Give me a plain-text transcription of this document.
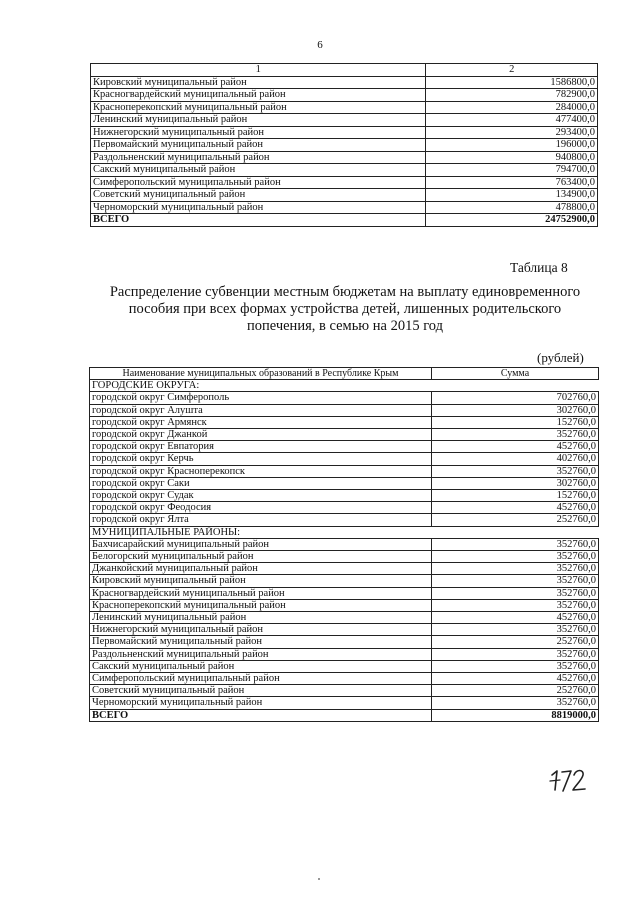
6
1	2
Кировский муниципальный район	1586800,0
Красногвардейский муниципальный район	782900,0
Красноперекопский муниципальный район	284000,0
Ленинский муниципальный район	477400,0
Нижнегорский муниципальный район	293400,0
Первомайский муниципальный район	196000,0
Раздольненский муниципальный район	940800,0
Сакский муниципальный район	794700,0
Симферопольский муниципальный район	763400,0
Советский муниципальный район	134900,0
Черноморский муниципальный район	478800,0
ВСЕГО	24752900,0
Таблица 8
Распределение субвенции местным бюджетам на выплату единовременного
пособия при всех формах устройства детей, лишенных родительского
попечения, в семью на 2015 год
(рублей)
Наименование муниципальных образований в Республике Крым	Сумма
ГОРОДСКИЕ ОКРУГА:	
городской округ Симферополь	702760,0
городской округ Алушта	302760,0
городской округ Армянск	152760,0
городской округ Джанкой	352760,0
городской округ Евпатория	452760,0
городской округ Керчь	402760,0
городской округ Красноперекопск	352760,0
городской округ Саки	302760,0
городской округ Судак	152760,0
городской округ Феодосия	452760,0
городской округ Ялта	252760,0
МУНИЦИПАЛЬНЫЕ РАЙОНЫ:	
Бахчисарайский муниципальный район	352760,0
Белогорский муниципальный район	352760,0
Джанкойский муниципальный район	352760,0
Кировский муниципальный район	352760,0
Красногвардейский муниципальный район	352760,0
Красноперекопский муниципальный район	352760,0
Ленинский муниципальный район	452760,0
Нижнегорский муниципальный район	352760,0
Первомайский муниципальный район	252760,0
Раздольненский муниципальный район	352760,0
Сакский муниципальный район	352760,0
Симферопольский муниципальный район	452760,0
Советский муниципальный район	252760,0
Черноморский муниципальный район	352760,0
ВСЕГО	8819000,0
